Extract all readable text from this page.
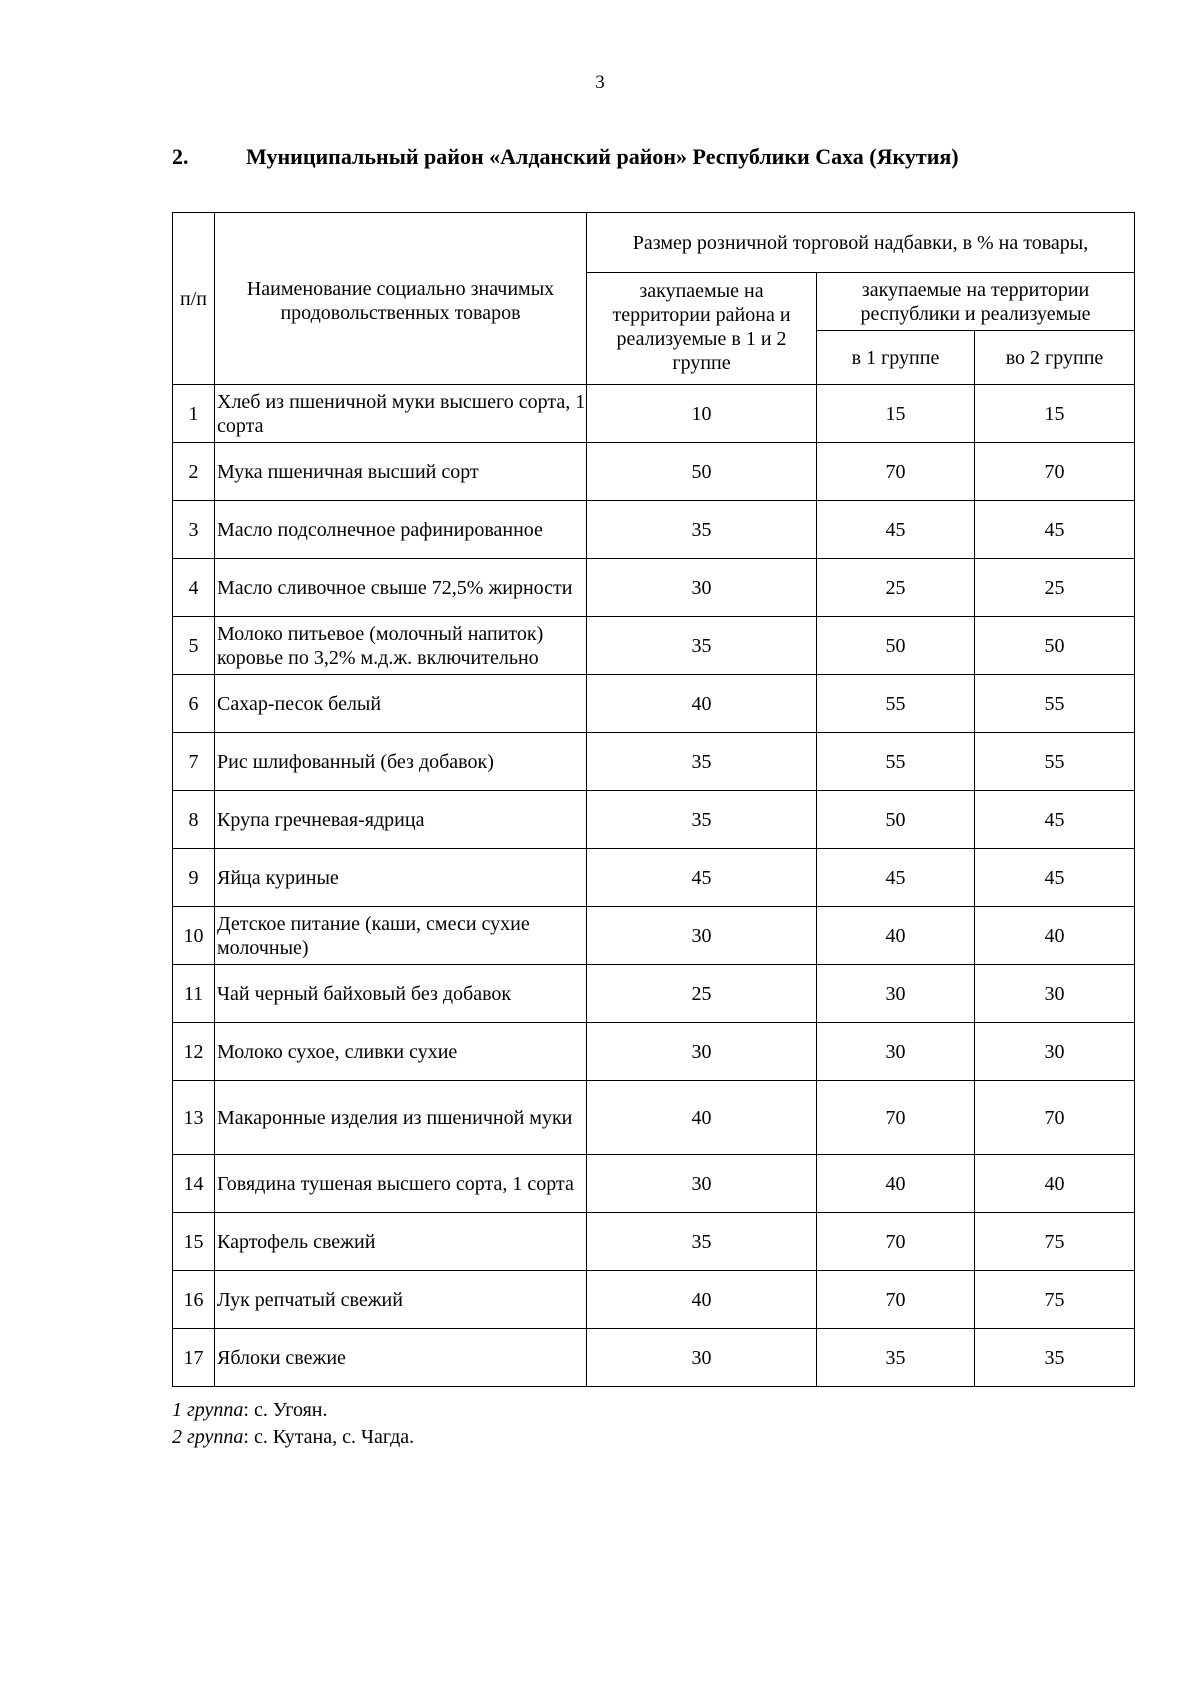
3
2.	Муниципальный район «Алданский район» Республики Саха (Якутия)
п/п	Наименование социально значимых продовольственных товаров	Размер розничной торговой надбавки, в % на товары,		
		закупаемые на территории района и реализуемые в 1 и 2 группе	закупаемые на территории республики и реализуемые	
			в 1 группе	во 2 группе
1	Хлеб из пшеничной муки высшего сорта, 1 сорта	10	15	15
2	Мука пшеничная высший сорт	50	70	70
3	Масло подсолнечное рафинированное	35	45	45
4	Масло сливочное свыше 72,5% жирности	30	25	25
5	Молоко питьевое (молочный напиток) коровье по 3,2% м.д.ж. включительно	35	50	50
6	Сахар-песок белый	40	55	55
7	Рис шлифованный (без добавок)	35	55	55
8	Крупа гречневая-ядрица	35	50	45
9	Яйца куриные	45	45	45
10	Детское питание (каши, смеси сухие молочные)	30	40	40
11	Чай черный байховый без добавок	25	30	30
12	Молоко сухое, сливки сухие	30	30	30
13	Макаронные изделия из пшеничной муки	40	70	70
14	Говядина тушеная высшего сорта, 1 сорта	30	40	40
15	Картофель свежий	35	70	75
16	Лук репчатый свежий	40	70	75
17	Яблоки свежие	30	35	35
1 группа: с. Угоян.
2 группа: с. Кутана, с. Чагда.
